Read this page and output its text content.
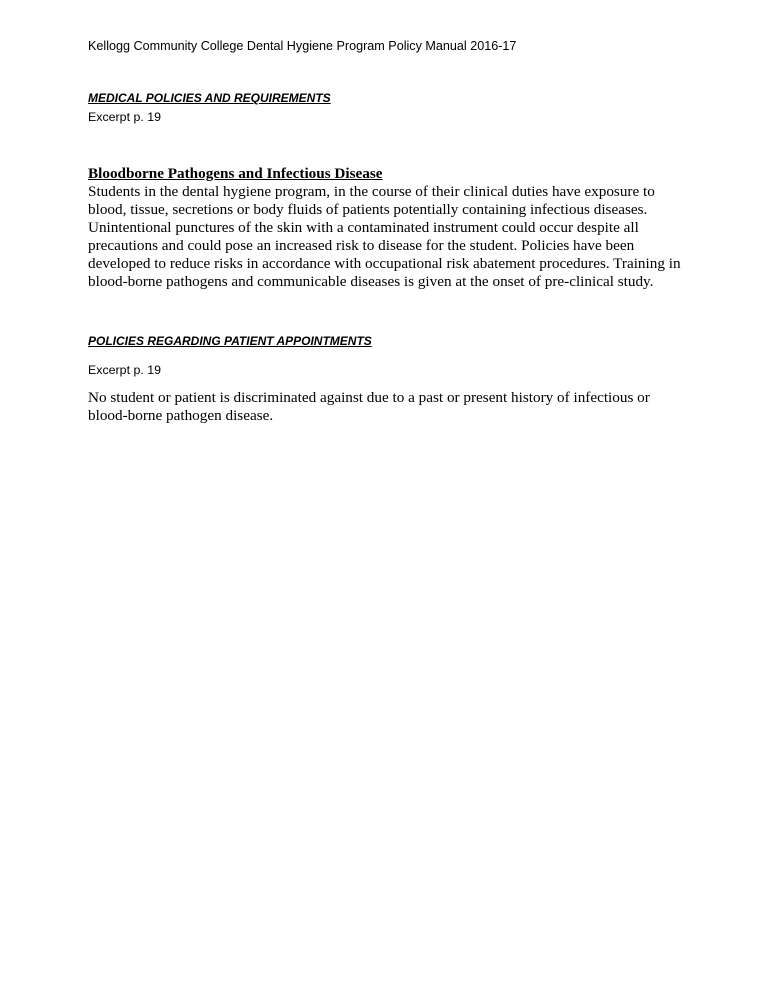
Kellogg Community College Dental Hygiene Program Policy Manual 2016-17
MEDICAL POLICIES AND REQUIREMENTS
Excerpt p. 19
Bloodborne Pathogens and Infectious Disease

Students in the dental hygiene program, in the course of their clinical duties have exposure to blood, tissue, secretions or body fluids of patients potentially containing infectious diseases. Unintentional punctures of the skin with a contaminated instrument could occur despite all precautions and could pose an increased risk to disease for the student. Policies have been developed to reduce risks in accordance with occupational risk abatement procedures. Training in blood-borne pathogens and communicable diseases is given at the onset of pre-clinical study.

POLICIES REGARDING PATIENT APPOINTMENTS
Excerpt p. 19

No student or patient is discriminated against due to a past or present history of infectious or blood-borne pathogen disease.
